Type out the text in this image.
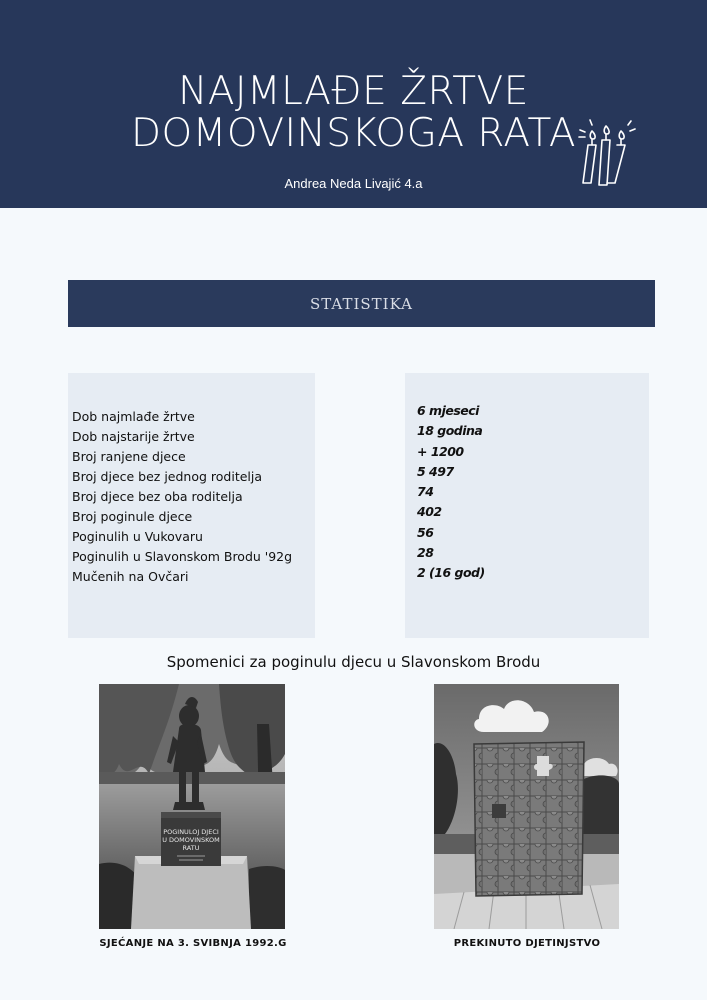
NAJMLAĐE ŽRTVE
DOMOVINSKOGA RATA
Andrea Neda Livajić 4.a
STATISTIKA
Dob najmlađe žrtve
Dob najstarije žrtve
Broj ranjene djece
Broj djece bez jednog roditelja
Broj djece bez oba roditelja
Broj poginule djece
Poginulih u Vukovaru
Poginulih u Slavonskom Brodu '92g
Mučenih na Ovčari
6 mjeseci
18 godina
+ 1200
5 497
74
402
56
28
2 (16 god)
Spomenici za poginulu djecu u Slavonskom Brodu
POGINULOJ DJECI
U DOMOVINSKOM
RATU
SJEĆANJE NA 3. SVIBNJA 1992.G	PREKINUTO DJETINJSTVO
